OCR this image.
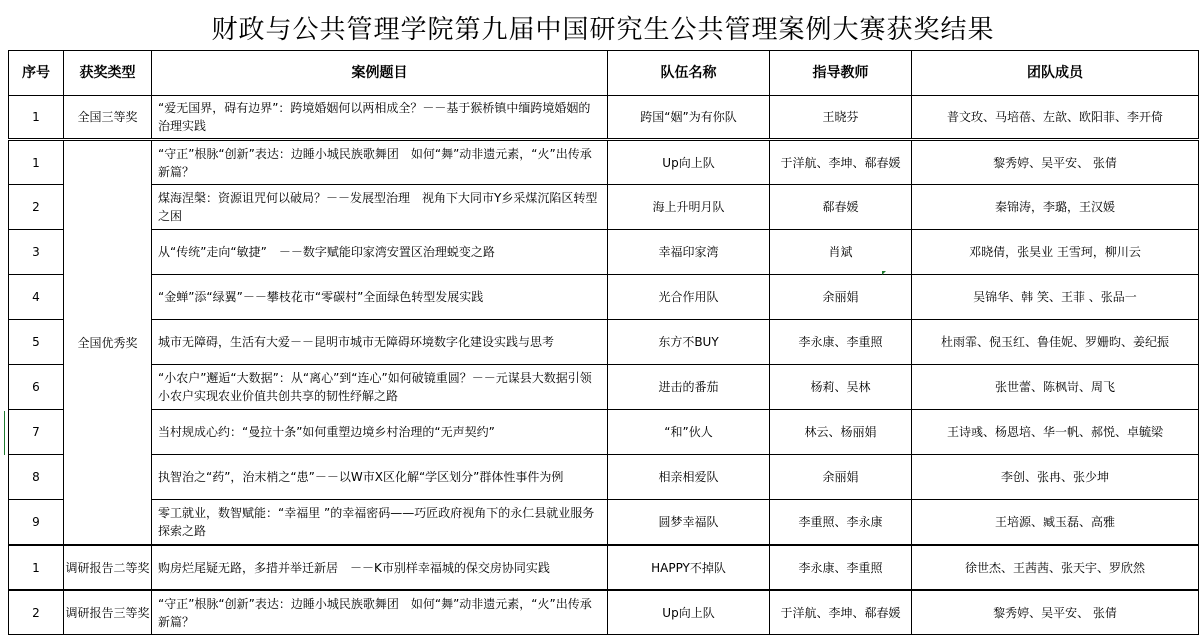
财政与公共管理学院第九届中国研究生公共管理案例大赛获奖结果
序号	获奖类型	案例题目	队伍名称	指导教师	团队成员
1	全国三等奖	“爱无国界，碍有边界”：跨境婚姻何以两相成全？－－基于猴桥镇中缅跨境婚姻的治理实践	跨国“姻”为有你队	王晓芬	普文玫、马培蓓、左歆、欧阳菲、李开倚
1	全国优秀奖	“守正”根脉“创新”表达：边睡小城民族歌舞团　如何“舞”动非遗元素，“火”出传承新篇？	Up向上队	于洋航、李坤、郗春媛	黎秀婷、吴平安、 张倩
2		煤海涅槃：资源诅咒何以破局？－－发展型治理　视角下大同市Y乡采煤沉陷区转型之困	海上升明月队	郗春媛	秦锦涛，李璐，王汉媛
3		从“传统”走向“敏捷”　－－数字赋能印家湾安置区治理蜕变之路	幸福印家湾	肖斌	邓晓倩，张昊业 王雪珂，柳川云
4		“金蝉”添“绿翼”－－攀枝花市“零碳村”全面绿色转型发展实践	光合作用队	余丽娟	吴锦华、韩 笑、王菲 、张品一
5		城市无障碍，生活有大爱－－昆明市城市无障碍环境数字化建设实践与思考	东方不BUY	李永康、李重照	杜雨霏、倪玉红、鲁佳妮、罗姗昀、姜纪振
6		“小农户”邂逅“大数据”：从“离心”到“连心”如何破镜重圆？－－元谋县大数据引领小农户实现农业价值共创共享的韧性纾解之路	进击的番茄	杨莉、吴林	张世蕾、陈枫岢、周飞
7		当村规成心约：“曼拉十条”如何重塑边境乡村治理的“无声契约”	“和”伙人	林云、杨丽娟	王诗彧、杨恩培、华一帆、郝悦、卓毓梁
8		执智治之“药”，治末梢之“患”－－以W市X区化解“学区划分”群体性事件为例	相亲相爱队	余丽娟	李创、张冉、张少坤
9		零工就业，数智赋能：“幸福里 ”的幸福密码——巧匠政府视角下的永仁县就业服务探索之路	圆梦幸福队	李重照、李永康	王培源、臧玉磊、高雅
1	调研报告二等奖	购房烂尾疑无路，多措并举迁新居　－－K市别样幸福城的保交房协同实践	HAPPY不掉队	李永康、李重照	徐世杰、王茜茜、张天宇、罗欣然
2	调研报告三等奖	“守正”根脉“创新”表达：边睡小城民族歌舞团　如何“舞”动非遗元素，“火”出传承新篇？	Up向上队	于洋航、李坤、郗春媛	黎秀婷、吴平安、 张倩
